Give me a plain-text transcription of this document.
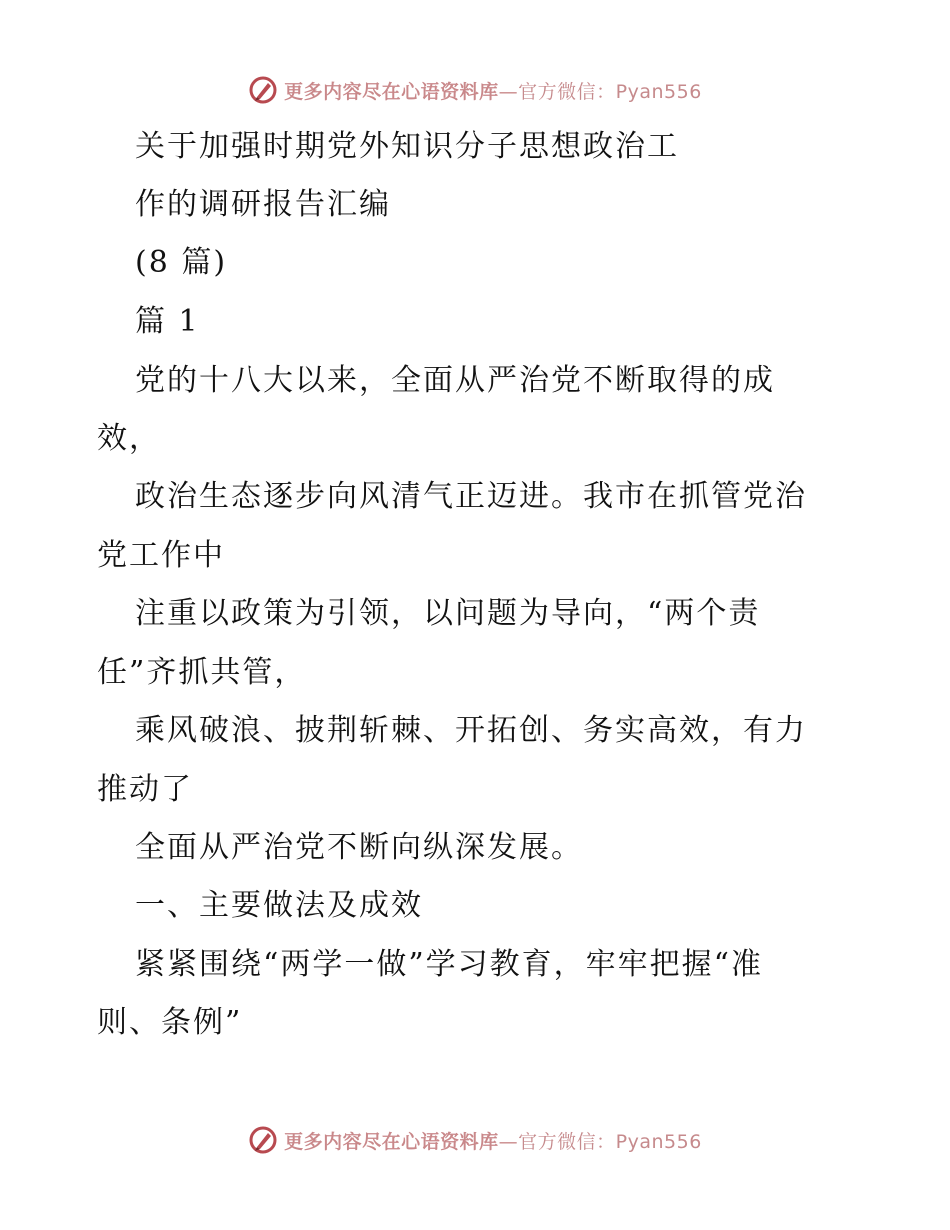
更多内容尽在心语资料库—官方微信：Pyan556
关于加强时期党外知识分子思想政治工
作的调研报告汇编
(8 篇)
篇 1
党的十八大以来，全面从严治党不断取得的成
效，
政治生态逐步向风清气正迈进。我市在抓管党治
党工作中
注重以政策为引领，以问题为导向，“两个责
任”齐抓共管，
乘风破浪、披荆斩棘、开拓创、务实高效，有力
推动了
全面从严治党不断向纵深发展。
一、主要做法及成效
紧紧围绕“两学一做”学习教育，牢牢把握“准
则、条例”
更多内容尽在心语资料库—官方微信：Pyan556
